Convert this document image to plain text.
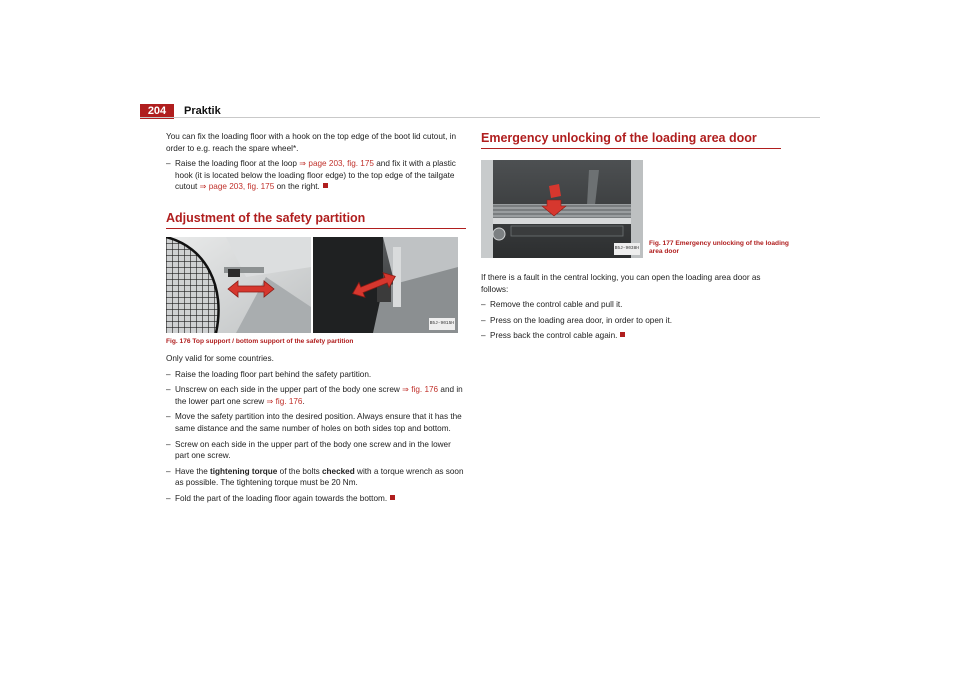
204	Praktik

You can fix the loading floor with a hook on the top edge of the boot lid cutout, in order to e.g. reach the spare wheel*.

– Raise the loading floor at the loop ⇒ page 203, fig. 175 and fix it with a plastic hook (it is located below the loading floor edge) to the top edge of the tailgate cutout ⇒ page 203, fig. 175 on the right.
Adjustment of the safety partition
B5J-9015H
Fig. 176 Top support / bottom support of the safety partition

Only valid for some countries.

– Raise the loading floor part behind the safety partition.
– Unscrew on each side in the upper part of the body one screw ⇒ fig. 176 and in the lower part one screw ⇒ fig. 176.
– Move the safety partition into the desired position. Always ensure that it has the same distance and the same number of holes on both sides top and bottom.
– Screw on each side in the upper part of the body one screw and in the lower part one screw.
– Have the tightening torque of the bolts checked with a torque wrench as soon as possible. The tightening torque must be 20 Nm.
– Fold the part of the loading floor again towards the bottom.
Emergency unlocking of the loading area door
B5J-9038H
Fig. 177 Emergency unlocking of the loading area door

If there is a fault in the central locking, you can open the loading area door as follows:

– Remove the control cable and pull it.
– Press on the loading area door, in order to open it.
– Press back the control cable again.
